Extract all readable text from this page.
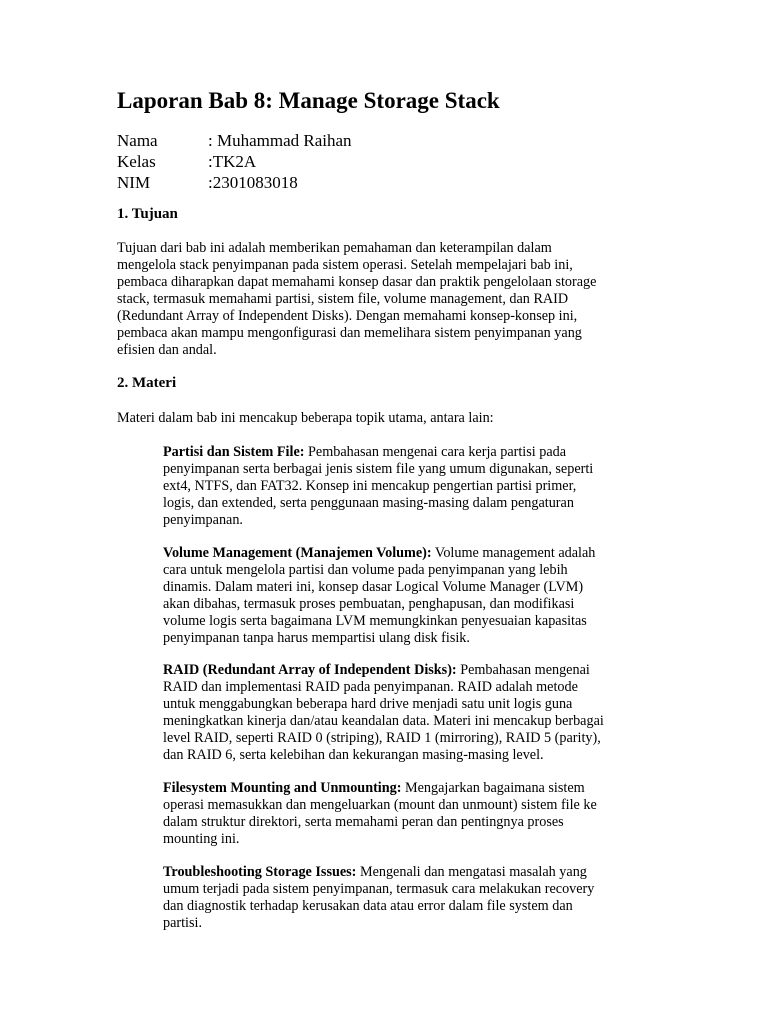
Laporan Bab 8: Manage Storage Stack
Nama	: Muhammad Raihan
Kelas	:TK2A
NIM	:2301083018
1. Tujuan

Tujuan dari bab ini adalah memberikan pemahaman dan keterampilan dalam
mengelola stack penyimpanan pada sistem operasi. Setelah mempelajari bab ini,
pembaca diharapkan dapat memahami konsep dasar dan praktik pengelolaan storage
stack, termasuk memahami partisi, sistem file, volume management, dan RAID
(Redundant Array of Independent Disks). Dengan memahami konsep-konsep ini,
pembaca akan mampu mengonfigurasi dan memelihara sistem penyimpanan yang
efisien dan andal.

2. Materi

Materi dalam bab ini mencakup beberapa topik utama, antara lain:

Partisi dan Sistem File: Pembahasan mengenai cara kerja partisi pada
penyimpanan serta berbagai jenis sistem file yang umum digunakan, seperti
ext4, NTFS, dan FAT32. Konsep ini mencakup pengertian partisi primer,
logis, dan extended, serta penggunaan masing-masing dalam pengaturan
penyimpanan.

Volume Management (Manajemen Volume): Volume management adalah
cara untuk mengelola partisi dan volume pada penyimpanan yang lebih
dinamis. Dalam materi ini, konsep dasar Logical Volume Manager (LVM)
akan dibahas, termasuk proses pembuatan, penghapusan, dan modifikasi
volume logis serta bagaimana LVM memungkinkan penyesuaian kapasitas
penyimpanan tanpa harus mempartisi ulang disk fisik.

RAID (Redundant Array of Independent Disks): Pembahasan mengenai
RAID dan implementasi RAID pada penyimpanan. RAID adalah metode
untuk menggabungkan beberapa hard drive menjadi satu unit logis guna
meningkatkan kinerja dan/atau keandalan data. Materi ini mencakup berbagai
level RAID, seperti RAID 0 (striping), RAID 1 (mirroring), RAID 5 (parity),
dan RAID 6, serta kelebihan dan kekurangan masing-masing level.

Filesystem Mounting and Unmounting: Mengajarkan bagaimana sistem
operasi memasukkan dan mengeluarkan (mount dan unmount) sistem file ke
dalam struktur direktori, serta memahami peran dan pentingnya proses
mounting ini.

Troubleshooting Storage Issues: Mengenali dan mengatasi masalah yang
umum terjadi pada sistem penyimpanan, termasuk cara melakukan recovery
dan diagnostik terhadap kerusakan data atau error dalam file system dan
partisi.
